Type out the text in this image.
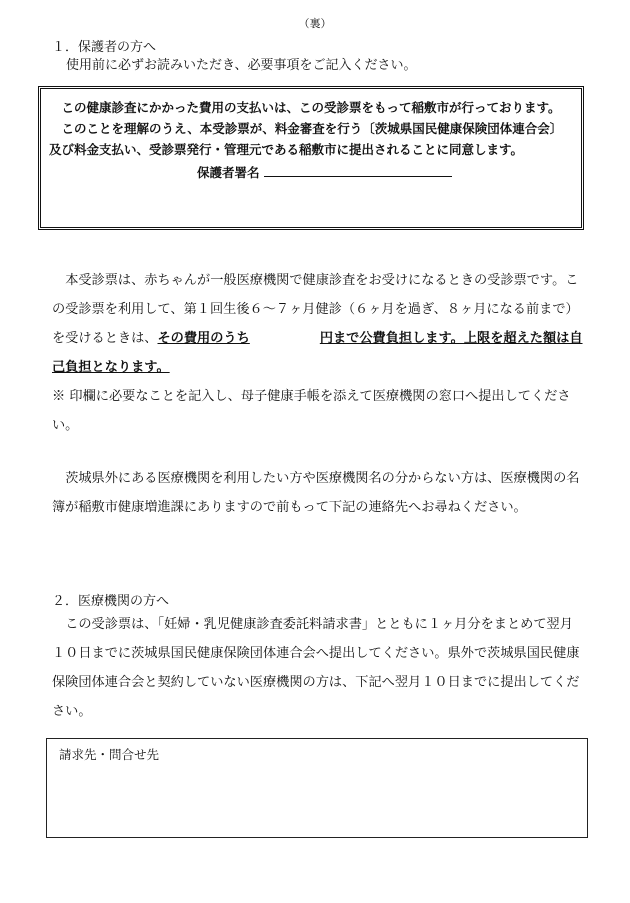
（裏）
１．保護者の方へ
使用前に必ずお読みいただき、必要事項をご記入ください。

この健康診査にかかった費用の支払いは、この受診票をもって稲敷市が行っております。

このことを理解のうえ、本受診票が、料金審査を行う〔茨城県国民健康保険団体連合会〕及び料金支払い、受診票発行・管理元である稲敷市に提出されることに同意します。

保護者署名

本受診票は、赤ちゃんが一般医療機関で健康診査をお受けになるときの受診票です。この受診票を利用して、第１回生後６～７ヶ月健診（６ヶ月を過ぎ、８ヶ月になる前まで）を受けるときは、その費用のうち	円まで公費負担します。上限を超えた額は自己負担となります。

※ 印欄に必要なことを記入し、母子健康手帳を添えて医療機関の窓口へ提出してください。

茨城県外にある医療機関を利用したい方や医療機関名の分からない方は、医療機関の名簿が稲敷市健康増進課にありますので前もって下記の連絡先へお尋ねください。

２．医療機関の方へ

この受診票は、「妊婦・乳児健康診査委託料請求書」とともに１ヶ月分をまとめて翌月１０日までに茨城県国民健康保険団体連合会へ提出してください。県外で茨城県国民健康保険団体連合会と契約していない医療機関の方は、下記へ翌月１０日までに提出してください。

請求先・問合せ先
